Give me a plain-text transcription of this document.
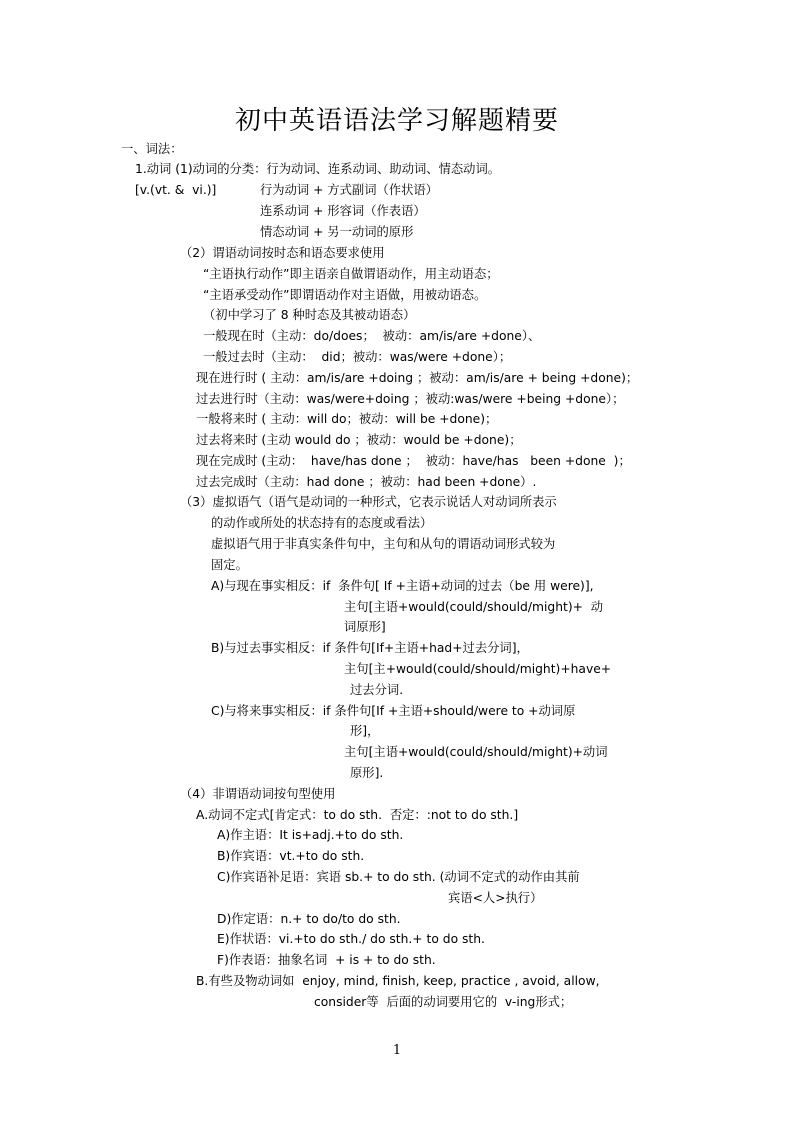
初中英语语法学习解题精要
一、词法：
1.动词 (1)动词的分类：行为动词、连系动词、助动词、情态动词。
[v.(vt. &  vi.)]	行为动词 + 方式副词（作状语）
连系动词 + 形容词（作表语）
情态动词 + 另一动词的原形
（2）谓语动词按时态和语态要求使用
“主语执行动作”即主语亲自做谓语动作，用主动语态；
“主语承受动作”即谓语动作对主语做，用被动语态。
（初中学习了 8 种时态及其被动语态）
一般现在时（主动：do/does；  被动：am/is/are +done）、
一般过去时（主动：  did；被动：was/were +done）；
现在进行时 ( 主动：am/is/are +doing ；被动：am/is/are + being +done)；
过去进行时（主动：was/were+doing ；被动:was/were +being +done）；
一般将来时 ( 主动：will do；被动：will be +done)；
过去将来时 (主动 would do ；被动：would be +done)；
现在完成时 (主动：  have/has done ；  被动：have/has   been +done  )；
过去完成时（主动：had done ；被动：had been +done）.
（3）虚拟语气（语气是动词的一种形式，它表示说话人对动词所表示
的动作或所处的状态持有的态度或看法）
虚拟语气用于非真实条件句中，主句和从句的谓语动词形式较为
固定。
A)与现在事实相反：if  条件句[ If +主语+动词的过去（be 用 were)],
主句[主语+would(could/should/might)+  动
词原形]
B)与过去事实相反：if 条件句[If+主语+had+过去分词]，
主句[主+would(could/should/might)+have+
过去分词.
C)与将来事实相反：if 条件句[If +主语+should/were to +动词原
形]，
主句[主语+would(could/should/might)+动词
原形].
（4）非谓语动词按句型使用
A.动词不定式[肯定式：to do sth.  否定：:not to do sth.]
A)作主语：It is+adj.+to do sth.
B)作宾语：vt.+to do sth.
C)作宾语补足语：宾语 sb.+ to do sth. (动词不定式的动作由其前
宾语<人>执行）
D)作定语：n.+ to do/to do sth.
E)作状语：vi.+to do sth./ do sth.+ to do sth.
F)作表语：抽象名词  + is + to do sth.
B.有些及物动词如  enjoy, mind, finish, keep, practice , avoid, allow,
consider等  后面的动词要用它的  v-ing形式；
1
